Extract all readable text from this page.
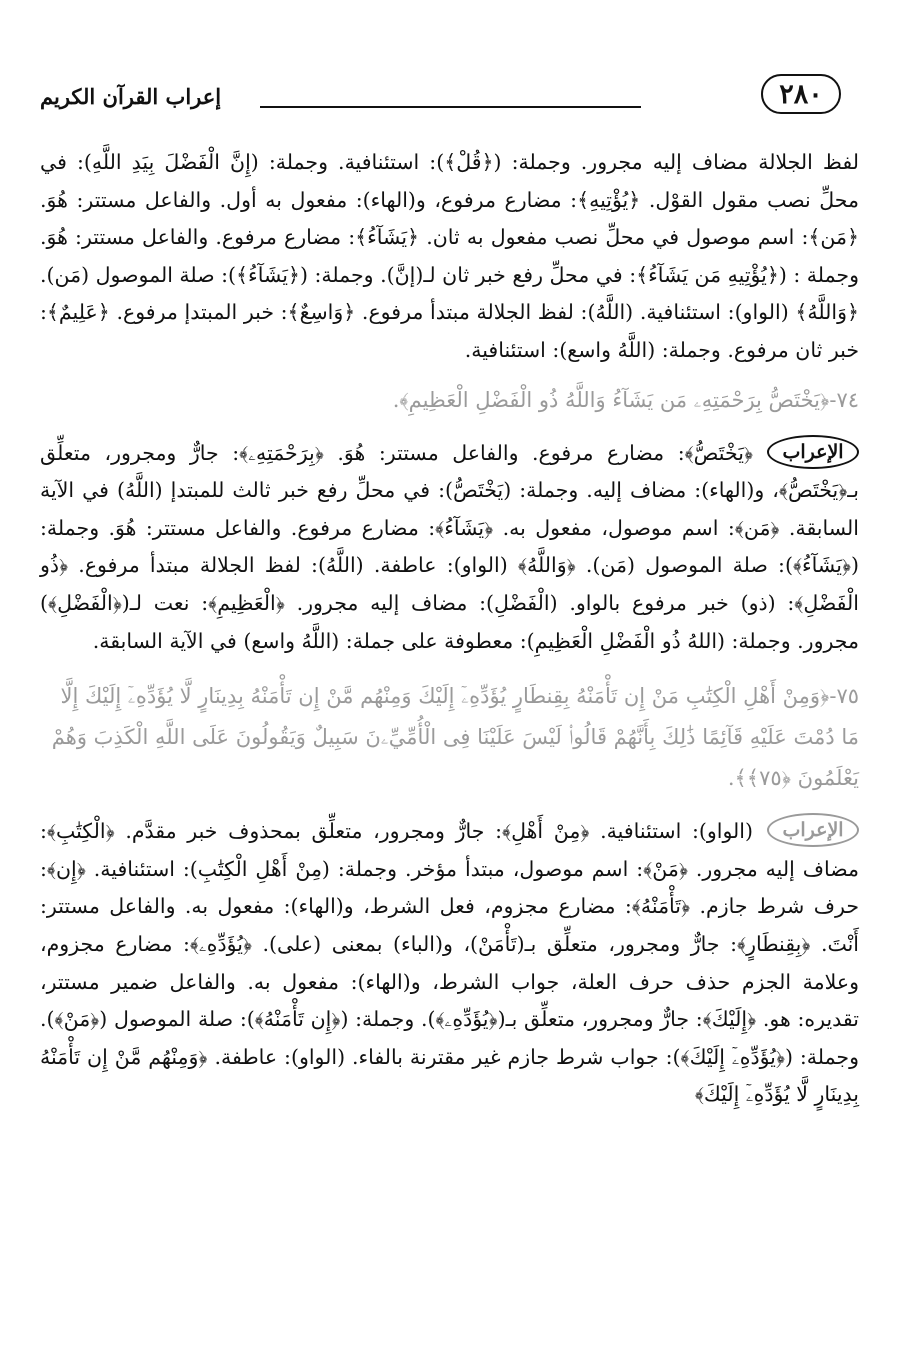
٢٨٠
إعراب القرآن الكريم

لفظ الجلالة مضاف إليه مجرور. وجملة: (﴿قُلْ﴾): استئنافية. وجملة: (إِنَّ الْفَضْلَ بِيَدِ اللَّهِ): في محلِّ نصب مقول القوْل. ﴿يُؤْتِيهِ﴾: مضارع مرفوع، و(الهاء): مفعول به أول. والفاعل مستتر: هُوَ. ﴿مَن﴾: اسم موصول في محلِّ نصب مفعول به ثان. ﴿يَشَآءُ﴾: مضارع مرفوع. والفاعل مستتر: هُوَ. وجملة : (﴿يُؤْتِيهِ مَن يَشَآءُ﴾: في محلِّ رفع خبر ثان لـ(إنَّ). وجملة: (﴿يَشَآءُ﴾): صلة الموصول (مَن). ﴿وَاللَّهُ﴾ (الواو): استئنافية. (اللَّهُ): لفظ الجلالة مبتدأ مرفوع. ﴿وَاسِعٌ﴾: خبر المبتدإ مرفوع. ﴿عَلِيمٌ﴾: خبر ثان مرفوع. وجملة: (اللَّهُ واسع): استئنافية.

٧٤-﴿يَخْتَصُّ بِرَحْمَتِهِۦ مَن يَشَآءُ وَاللَّهُ ذُو الْفَضْلِ الْعَظِيمِ﴾.

الإعراب

﴿يَخْتَصُّ﴾: مضارع مرفوع. والفاعل مستتر: هُوَ. ﴿بِرَحْمَتِهِۦ﴾: جارٌّ ومجرور، متعلِّق بـ﴿يَخْتَصُّ﴾، و(الهاء): مضاف إليه. وجملة: (يَخْتَصُّ): في محلِّ رفع خبر ثالث للمبتدإ (اللَّهُ) في الآية السابقة. ﴿مَن﴾: اسم موصول، مفعول به. ﴿يَشَآءُ﴾: مضارع مرفوع. والفاعل مستتر: هُوَ. وجملة: (﴿يَشَآءُ﴾): صلة الموصول (مَن). ﴿وَاللَّهُ﴾ (الواو): عاطفة. (اللَّهُ): لفظ الجلالة مبتدأ مرفوع. ﴿ذُو الْفَضْلِ﴾: (ذو) خبر مرفوع بالواو. (الْفَضْلِ): مضاف إليه مجرور. ﴿الْعَظِيمِ﴾: نعت لـ(﴿الْفَضْلِ﴾) مجرور. وجملة: (اللهُ ذُو الْفَضْلِ الْعَظِيمِ): معطوفة على جملة: (اللَّهُ واسع) في الآية السابقة.

٧٥-﴿وَمِنْ أَهْلِ الْكِتَٰبِ مَنْ إِن تَأْمَنْهُ بِقِنطَارٍ يُؤَدِّهِۦٓ إِلَيْكَ وَمِنْهُم مَّنْ إِن تَأْمَنْهُ بِدِينَارٍ لَّا يُؤَدِّهِۦٓ إِلَيْكَ إِلَّا مَا دُمْتَ عَلَيْهِ قَآئِمًا ذَٰلِكَ بِأَنَّهُمْ قَالُوا۟ لَيْسَ عَلَيْنَا فِى الْأُمِّيِّۦنَ سَبِيلٌ وَيَقُولُونَ عَلَى اللَّهِ الْكَذِبَ وَهُمْ يَعْلَمُونَ ﴿٧٥﴾﴾.

الإعراب

(الواو): استئنافية. ﴿مِنْ أَهْلِ﴾: جارٌّ ومجرور، متعلِّق بمحذوف خبر مقدَّم. ﴿الْكِتَٰبِ﴾: مضاف إليه مجرور. ﴿مَنْ﴾: اسم موصول، مبتدأ مؤخر. وجملة: (مِنْ أَهْلِ الْكِتَٰبِ): استئنافية. ﴿إِن﴾: حرف شرط جازم. ﴿تَأْمَنْهُ﴾: مضارع مجزوم، فعل الشرط، و(الهاء): مفعول به. والفاعل مستتر: أَنْتَ. ﴿بِقِنطَارٍ﴾: جارٌّ ومجرور، متعلِّق بـ(تَأْمَنْ)، و(الباء) بمعنى (على). ﴿يُؤَدِّهِۦ﴾: مضارع مجزوم، وعلامة الجزم حذف حرف العلة، جواب الشرط، و(الهاء): مفعول به. والفاعل ضمير مستتر، تقديره: هو. ﴿إِلَيْكَ﴾: جارٌّ ومجرور، متعلِّق بـ(﴿يُؤَدِّهِۦ﴾). وجملة: (﴿إِن تَأْمَنْهُ﴾): صلة الموصول (﴿مَنْ﴾). وجملة: (﴿يُؤَدِّهِۦٓ إِلَيْكَ﴾): جواب شرط جازم غير مقترنة بالفاء. (الواو): عاطفة. ﴿وَمِنْهُم مَّنْ إِن تَأْمَنْهُ بِدِينَارٍ لَّا يُؤَدِّهِۦٓ إِلَيْكَ﴾
